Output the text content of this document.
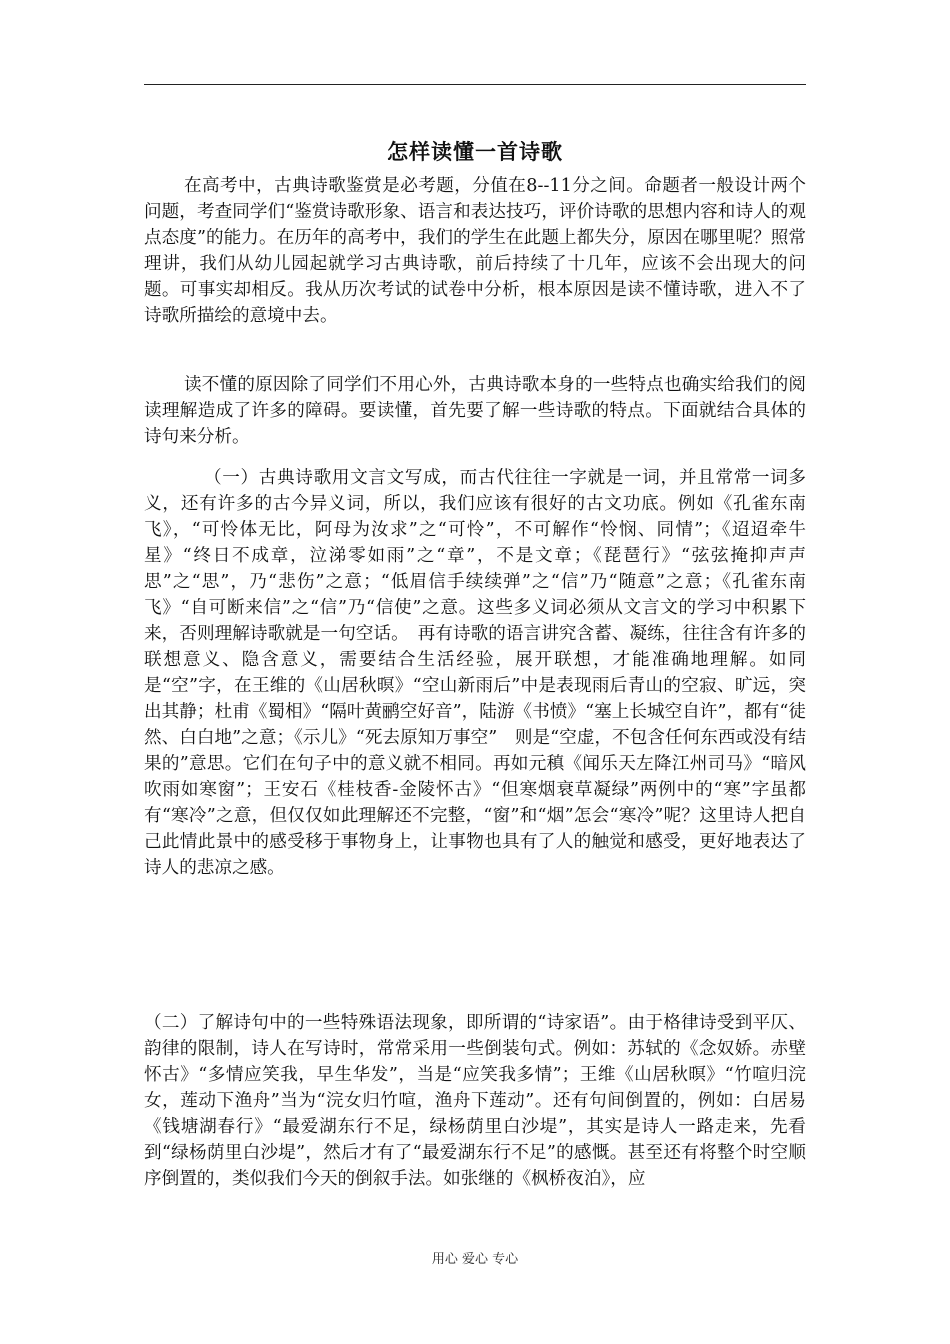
怎样读懂一首诗歌

在高考中，古典诗歌鉴赏是必考题，分值在8--11分之间。命题者一般设计两个问题，考查同学们“鉴赏诗歌形象、语言和表达技巧，评价诗歌的思想内容和诗人的观点态度”的能力。在历年的高考中，我们的学生在此题上都失分，原因在哪里呢？照常理讲，我们从幼儿园起就学习古典诗歌，前后持续了十几年，应该不会出现大的问题。可事实却相反。我从历次考试的试卷中分析，根本原因是读不懂诗歌，进入不了诗歌所描绘的意境中去。

读不懂的原因除了同学们不用心外，古典诗歌本身的一些特点也确实给我们的阅读理解造成了许多的障碍。要读懂，首先要了解一些诗歌的特点。下面就结合具体的诗句来分析。

（一）古典诗歌用文言文写成，而古代往往一字就是一词，并且常常一词多义，还有许多的古今异义词，所以，我们应该有很好的古文功底。例如《孔雀东南飞》，“可怜体无比，阿母为汝求”之“可怜”，不可解作“怜悯、同情”；《迢迢牵牛星》“终日不成章，泣涕零如雨”之“章”，不是文章；《琵琶行》“弦弦掩抑声声思”之“思”，乃“悲伤”之意；“低眉信手续续弹”之“信”乃“随意”之意；《孔雀东南飞》“自可断来信”之“信”乃“信使”之意。这些多义词必须从文言文的学习中积累下来，否则理解诗歌就是一句空话。　再有诗歌的语言讲究含蓄、凝练，往往含有许多的联想意义、隐含意义，需要结合生活经验，展开联想，才能准确地理解。如同是“空”字，在王维的《山居秋暝》“空山新雨后”中是表现雨后青山的空寂、旷远，突出其静；杜甫《蜀相》“隔叶黄鹂空好音”，陆游《书愤》“塞上长城空自许”，都有“徒然、白白地”之意；《示儿》“死去原知万事空”　则是“空虚，不包含任何东西或没有结果的”意思。它们在句子中的意义就不相同。再如元稹《闻乐天左降江州司马》“暗风吹雨如寒窗”；王安石《桂枝香-金陵怀古》“但寒烟衰草凝绿”两例中的“寒”字虽都有“寒冷”之意，但仅仅如此理解还不完整，“窗”和“烟”怎会“寒冷”呢？这里诗人把自己此情此景中的感受移于事物身上，让事物也具有了人的触觉和感受，更好地表达了诗人的悲凉之感。

（二）了解诗句中的一些特殊语法现象，即所谓的“诗家语”。由于格律诗受到平仄、韵律的限制，诗人在写诗时，常常采用一些倒装句式。例如：苏轼的《念奴娇。赤壁怀古》“多情应笑我，早生华发”，当是“应笑我多情”；王维《山居秋暝》“竹喧归浣女，莲动下渔舟”当为“浣女归竹喧，渔舟下莲动”。还有句间倒置的，例如：白居易《钱塘湖春行》“最爱湖东行不足，绿杨荫里白沙堤”，其实是诗人一路走来，先看到“绿杨荫里白沙堤”，然后才有了“最爱湖东行不足”的感慨。甚至还有将整个时空顺序倒置的，类似我们今天的倒叙手法。如张继的《枫桥夜泊》，应

用心 爱心 专心
